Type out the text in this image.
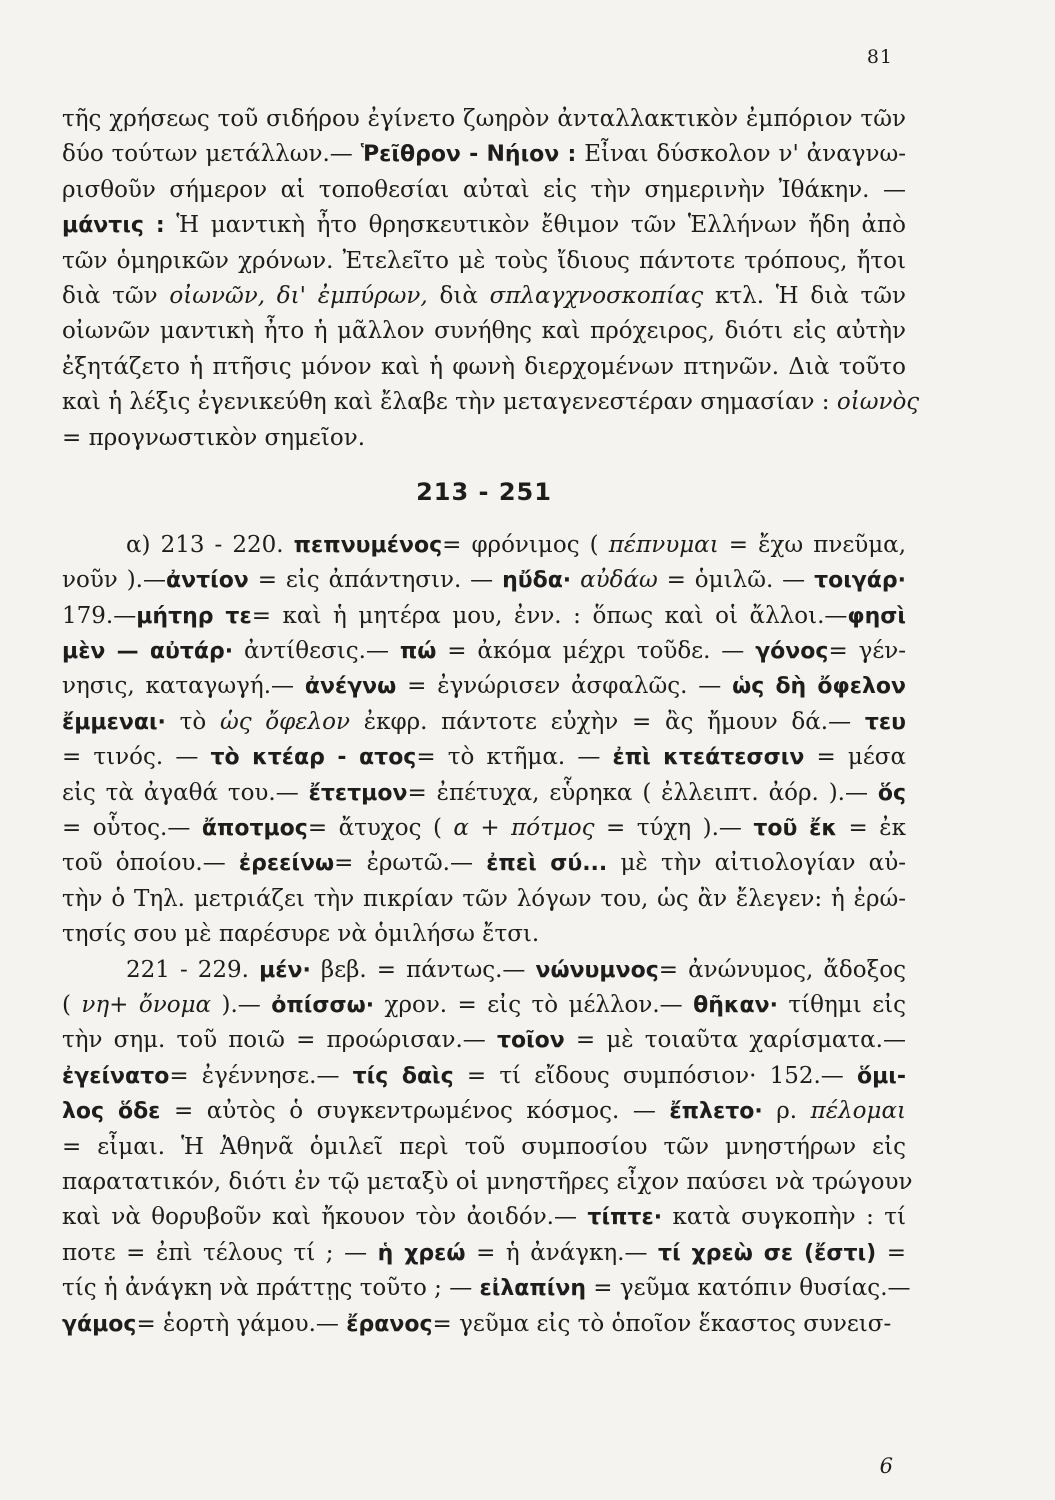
81
τῆς χρήσεως τοῦ σιδήρου ἐγίνετο ζωηρὸν ἀνταλλακτικὸν ἐμπόριον τῶν
δύο τούτων μετάλλων.— Ῥεῖθρον - Νήιον : Εἶναι δύσκολον ν' ἀναγνω-
ρισθοῦν σήμερον αἱ τοποθεσίαι αὐταὶ εἰς τὴν σημερινὴν Ἰθάκην. —
μάντις : Ἡ μαντικὴ ἦτο θρησκευτικὸν ἔθιμον τῶν Ἑλλήνων ἤδη ἀπὸ
τῶν ὁμηρικῶν χρόνων. Ἐτελεῖτο μὲ τοὺς ἴδιους πάντοτε τρόπους, ἤτοι
διὰ τῶν οἰωνῶν, δι' ἐμπύρων, διὰ σπλαγχνοσκοπίας κτλ. Ἡ διὰ τῶν
οἰωνῶν μαντικὴ ἦτο ἡ μᾶλλον συνήθης καὶ πρόχειρος, διότι εἰς αὐτὴν
ἐξητάζετο ἡ πτῆσις μόνον καὶ ἡ φωνὴ διερχομένων πτηνῶν. Διὰ τοῦτο
καὶ ἡ λέξις ἐγενικεύθη καὶ ἔλαβε τὴν μεταγενεστέραν σημασίαν : οἰωνὸς
= προγνωστικὸν σημεῖον.
213 - 251
α) 213 - 220. πεπνυμένος= φρόνιμος ( πέπνυμαι = ἔχω πνεῦμα,
νοῦν ).—ἀντίον = εἰς ἀπάντησιν. — ηὔδα· αὐδάω = ὁμιλῶ. — τοιγάρ·
179.—μήτηρ τε= καὶ ἡ μητέρα μου, ἐνν. : ὅπως καὶ οἱ ἄλλοι.—φησὶ
μὲν — αὐτάρ· ἀντίθεσις.— πώ = ἀκόμα μέχρι τοῦδε. — γόνος= γέν-
νησις, καταγωγή.— ἀνέγνω = ἐγνώρισεν ἀσφαλῶς. — ὡς δὴ ὄφελον
ἔμμεναι· τὸ ὡς ὄφελον ἐκφρ. πάντοτε εὐχὴν = ἂς ἤμουν δά.— τευ
= τινός. — τὸ κτέαρ - ατος= τὸ κτῆμα. — ἐπὶ κτεάτεσσιν = μέσα
εἰς τὰ ἀγαθά του.— ἔτετμον= ἐπέτυχα, εὗρηκα ( ἐλλειπτ. ἀόρ. ).— ὅς
= οὗτος.— ἄποτμος= ἄτυχος ( α + πότμος = τύχη ).— τοῦ ἔκ = ἐκ
τοῦ ὁποίου.— ἐρεείνω= ἐρωτῶ.— ἐπεὶ σύ... μὲ τὴν αἰτιολογίαν αὐ-
τὴν ὁ Τηλ. μετριάζει τὴν πικρίαν τῶν λόγων του, ὡς ἂν ἔλεγεν: ἡ ἐρώ-
τησίς σου μὲ παρέσυρε νὰ ὁμιλήσω ἔτσι.
221 - 229. μέν· βεβ. = πάντως.— νώνυμνος= ἀνώνυμος, ἄδοξος
( νη+ ὄνομα ).— ὀπίσσω· χρον. = εἰς τὸ μέλλον.— θῆκαν· τίθημι εἰς
τὴν σημ. τοῦ ποιῶ = προώρισαν.— τοῖον = μὲ τοιαῦτα χαρίσματα.—
ἐγείνατο= ἐγέννησε.— τίς δαὶς = τί εἴδους συμπόσιον· 152.— ὅμι-
λος ὅδε = αὐτὸς ὁ συγκεντρωμένος κόσμος. — ἔπλετο· ρ. πέλομαι
= εἶμαι. Ἡ Ἀθηνᾶ ὁμιλεῖ περὶ τοῦ συμποσίου τῶν μνηστήρων εἰς
παρατατικόν, διότι ἐν τῷ μεταξὺ οἱ μνηστῆρες εἶχον παύσει νὰ τρώγουν
καὶ νὰ θορυβοῦν καὶ ἤκουον τὸν ἀοιδόν.— τίπτε· κατὰ συγκοπὴν : τί
ποτε = ἐπὶ τέλους τί ; — ἡ χρεώ = ἡ ἀνάγκη.— τί χρεὼ σε (ἔστι) =
τίς ἡ ἀνάγκη νὰ πράττῃς τοῦτο ; — εἰλαπίνη = γεῦμα κατόπιν θυσίας.—
γάμος= ἑορτὴ γάμου.— ἔρανος= γεῦμα εἰς τὸ ὁποῖον ἕκαστος συνεισ-
6
